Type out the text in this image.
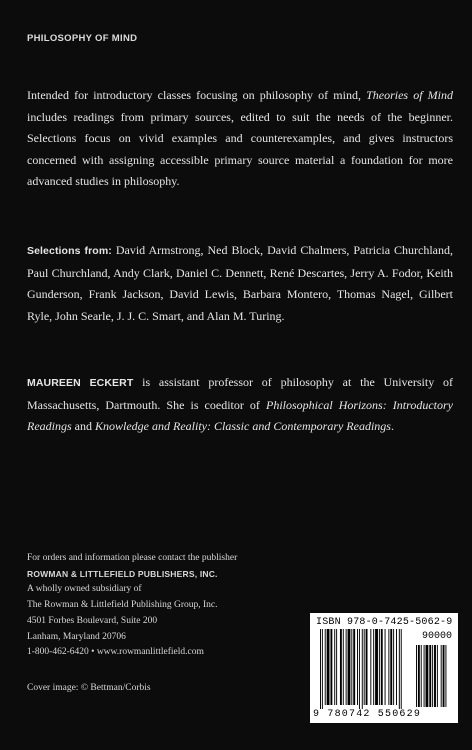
PHILOSOPHY OF MIND

Intended for introductory classes focusing on philosophy of mind, Theories of Mind includes readings from primary sources, edited to suit the needs of the beginner. Selections focus on vivid examples and counterexamples, and gives instructors concerned with assigning accessible primary source material a foundation for more advanced studies in philosophy.

Selections from: David Armstrong, Ned Block, David Chalmers, Patricia Churchland, Paul Churchland, Andy Clark, Daniel C. Dennett, René Descartes, Jerry A. Fodor, Keith Gunderson, Frank Jackson, David Lewis, Barbara Montero, Thomas Nagel, Gilbert Ryle, John Searle, J. J. C. Smart, and Alan M. Turing.

MAUREEN ECKERT is assistant professor of philosophy at the University of Massachusetts, Dartmouth. She is coeditor of Philosophical Horizons: Introductory Readings and Knowledge and Reality: Classic and Contemporary Readings.

For orders and information please contact the publisher
ROWMAN & LITTLEFIELD PUBLISHERS, INC.
A wholly owned subsidiary of
The Rowman & Littlefield Publishing Group, Inc.
4501 Forbes Boulevard, Suite 200
Lanham, Maryland 20706
1-800-462-6420 • www.rowmanlittlefield.com
Cover image: © Bettman/Corbis
ISBN 978-0-7425-5062-9
90000
9 780742 550629
